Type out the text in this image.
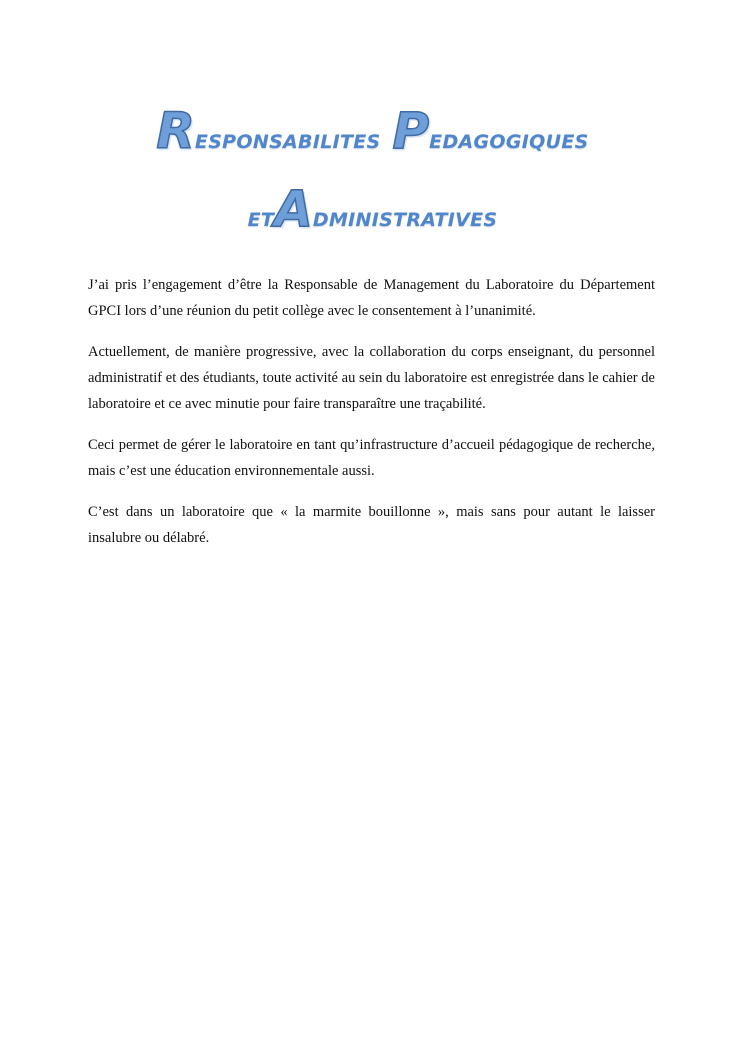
RESPONSABILITES PEDAGOGIQUES
ETADMINISTRATIVES

J’ai pris l’engagement d’être la Responsable de Management du Laboratoire du Département GPCI lors d’une réunion du petit collège avec le consentement à l’unanimité.

Actuellement, de manière progressive, avec la collaboration du corps enseignant, du personnel administratif et des étudiants, toute activité au sein du laboratoire est enregistrée dans le cahier de laboratoire et ce avec minutie pour faire transparaître une traçabilité.

Ceci permet de gérer le laboratoire en tant qu’infrastructure d’accueil pédagogique de recherche, mais c’est une éducation environnementale aussi.

C’est dans un laboratoire que « la marmite bouillonne », mais sans pour autant le laisser insalubre ou délabré.
